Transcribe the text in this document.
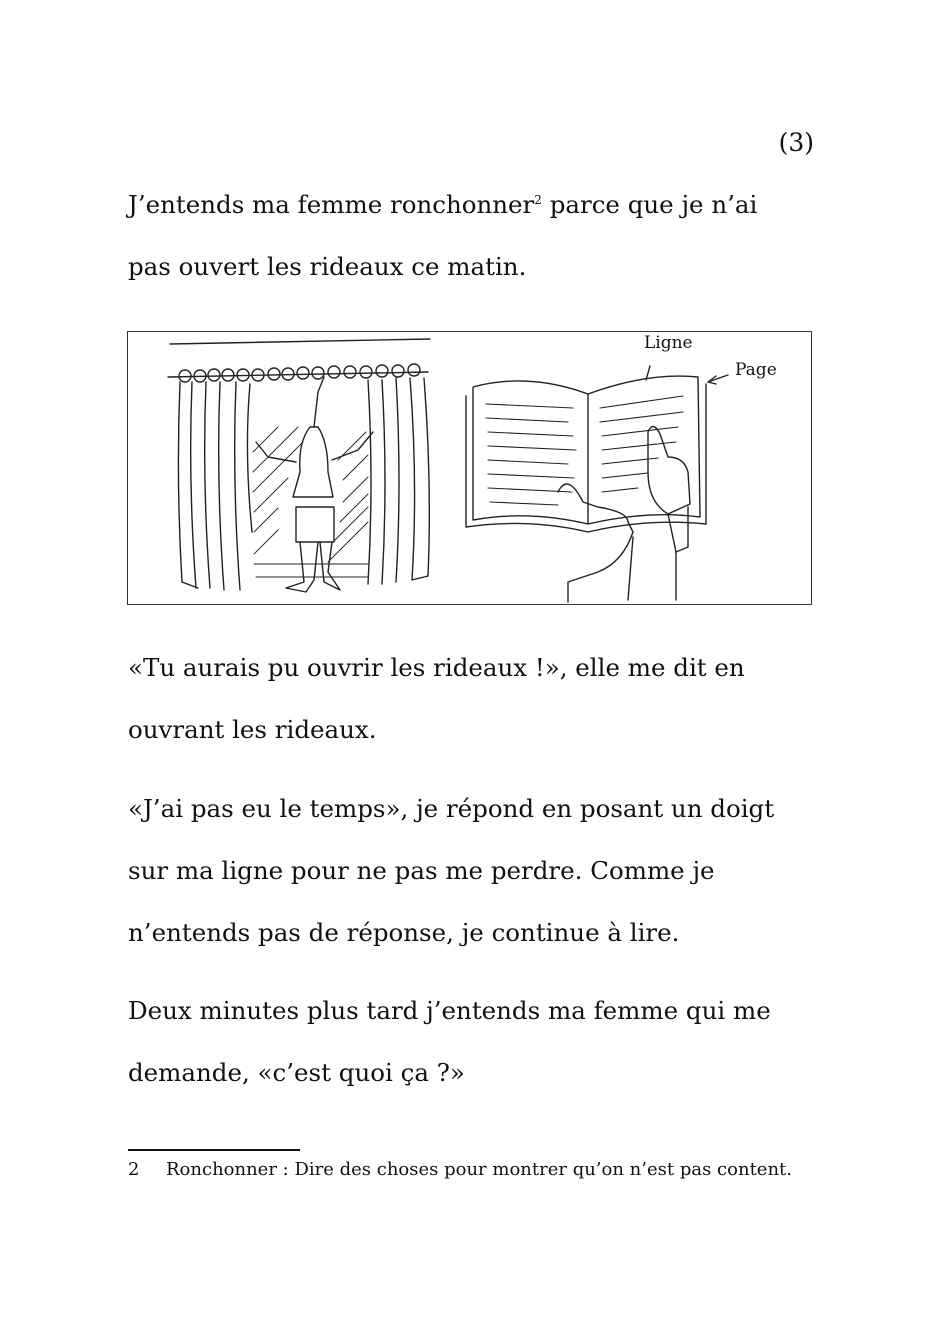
(3)

J’entends ma femme ronchonner$^2$ parce que je n’ai
pas ouvert les rideaux ce matin.

Ligne
Page

«Tu aurais pu ouvrir les rideaux !», elle me dit en
ouvrant les rideaux.

«J’ai pas eu le temps», je répond en posant un doigt
sur ma ligne pour ne pas me perdre. Comme je
n’entends pas de réponse, je continue à lire.

Deux minutes plus tard j’entends ma femme qui me
demande, «c’est quoi ça ?»

2 Ronchonner : Dire des choses pour montrer qu’on n’est pas content.
